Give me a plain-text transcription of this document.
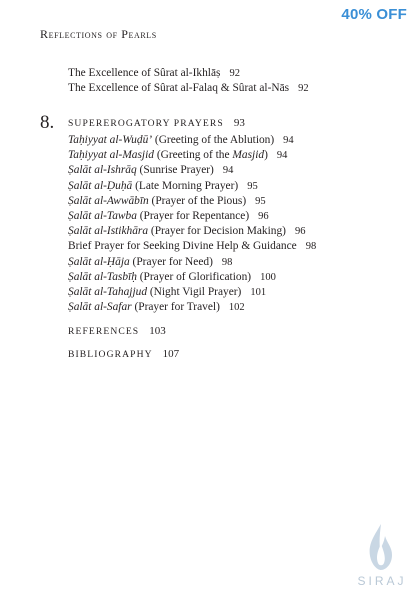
Reflections of Pearls
40% OFF
The Excellence of Sûrat al-Ikhlāṣ 92
The Excellence of Sûrat al-Falaq & Sûrat al-Nās 92
8. SUPEREROGATORY PRAYERS 93
Taḥiyyat al-Wuḍū’ (Greeting of the Ablution) 94
Taḥiyyat al-Masjid (Greeting of the Masjid) 94
Ṣalāt al-Ishrāq (Sunrise Prayer) 94
Ṣalāt al-Ḍuḥā (Late Morning Prayer) 95
Ṣalāt al-Awwābīn (Prayer of the Pious) 95
Ṣalāt al-Tawba (Prayer for Repentance) 96
Ṣalāt al-Istikhāra (Prayer for Decision Making) 96
Brief Prayer for Seeking Divine Help & Guidance 98
Ṣalāt al-Ḥāja (Prayer for Need) 98
Ṣalāt al-Tasbīḥ (Prayer of Glorification) 100
Ṣalāt al-Tahajjud (Night Vigil Prayer) 101
Ṣalāt al-Safar (Prayer for Travel) 102
REFERENCES 103
BIBLIOGRAPHY 107
SIRAJ
